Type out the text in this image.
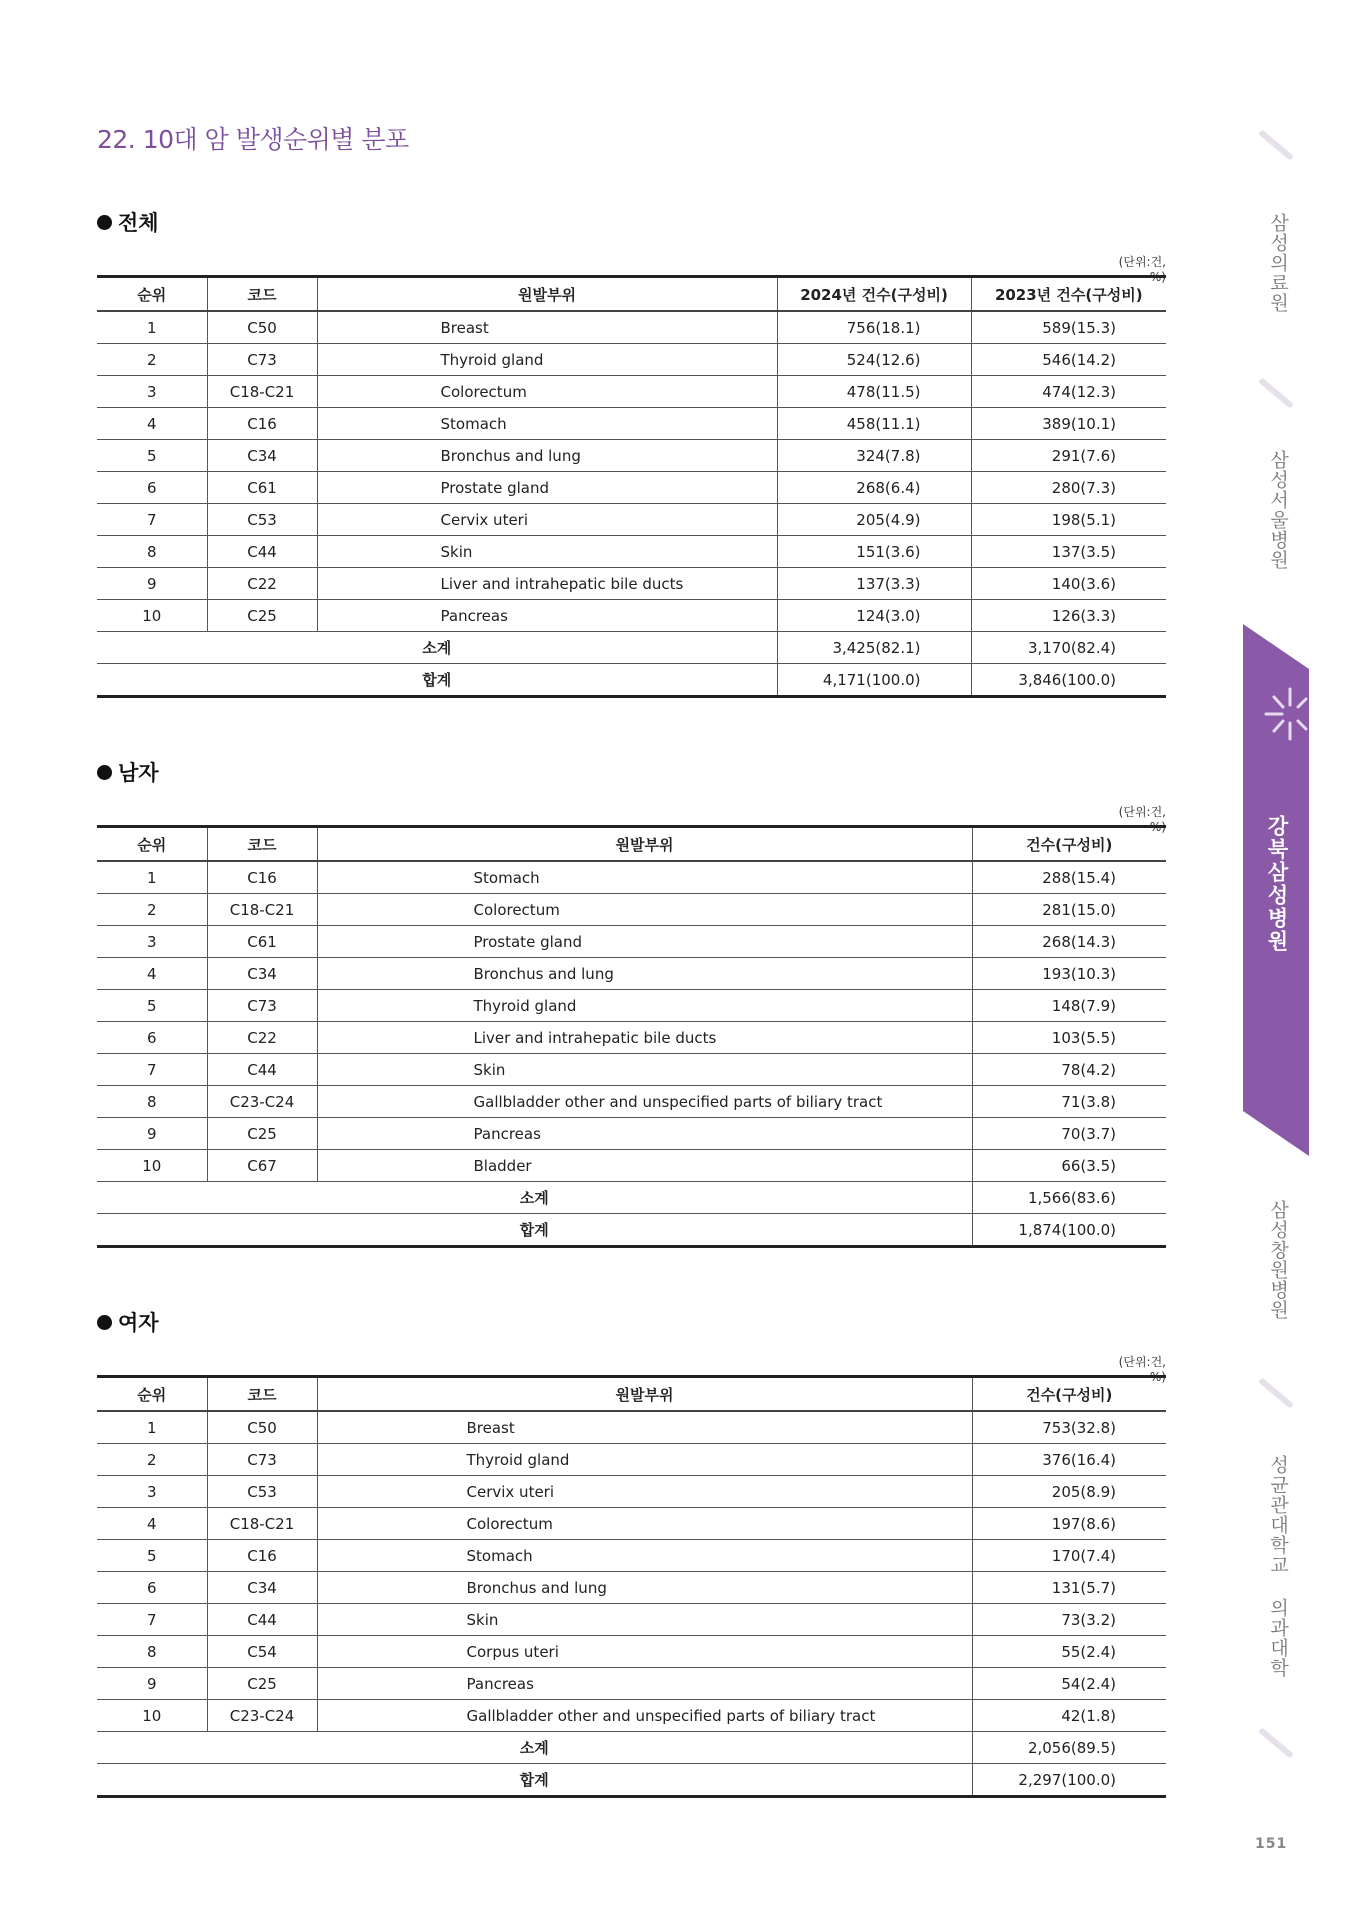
22. 10대 암 발생순위별 분포
전체
(단위:건, %)
순위	코드	원발부위	2024년 건수(구성비)	2023년 건수(구성비)
1	C50	Breast	756(18.1)	589(15.3)
2	C73	Thyroid gland	524(12.6)	546(14.2)
3	C18-C21	Colorectum	478(11.5)	474(12.3)
4	C16	Stomach	458(11.1)	389(10.1)
5	C34	Bronchus and lung	324(7.8)	291(7.6)
6	C61	Prostate gland	268(6.4)	280(7.3)
7	C53	Cervix uteri	205(4.9)	198(5.1)
8	C44	Skin	151(3.6)	137(3.5)
9	C22	Liver and intrahepatic bile ducts	137(3.3)	140(3.6)
10	C25	Pancreas	124(3.0)	126(3.3)
소계			3,425(82.1)	3,170(82.4)
합계			4,171(100.0)	3,846(100.0)
남자
(단위:건, %)
순위	코드	원발부위	건수(구성비)
1	C16	Stomach	288(15.4)
2	C18-C21	Colorectum	281(15.0)
3	C61	Prostate gland	268(14.3)
4	C34	Bronchus and lung	193(10.3)
5	C73	Thyroid gland	148(7.9)
6	C22	Liver and intrahepatic bile ducts	103(5.5)
7	C44	Skin	78(4.2)
8	C23-C24	Gallbladder other and unspecified parts of biliary tract	71(3.8)
9	C25	Pancreas	70(3.7)
10	C67	Bladder	66(3.5)
소계			1,566(83.6)
합계			1,874(100.0)
여자
(단위:건, %)
순위	코드	원발부위	건수(구성비)
1	C50	Breast	753(32.8)
2	C73	Thyroid gland	376(16.4)
3	C53	Cervix uteri	205(8.9)
4	C18-C21	Colorectum	197(8.6)
5	C16	Stomach	170(7.4)
6	C34	Bronchus and lung	131(5.7)
7	C44	Skin	73(3.2)
8	C54	Corpus uteri	55(2.4)
9	C25	Pancreas	54(2.4)
10	C23-C24	Gallbladder other and unspecified parts of biliary tract	42(1.8)
소계			2,056(89.5)
합계			2,297(100.0)
삼성의료원
삼성서울병원
강북삼성병원
삼성창원병원
성균관대학교 의과대학
151
